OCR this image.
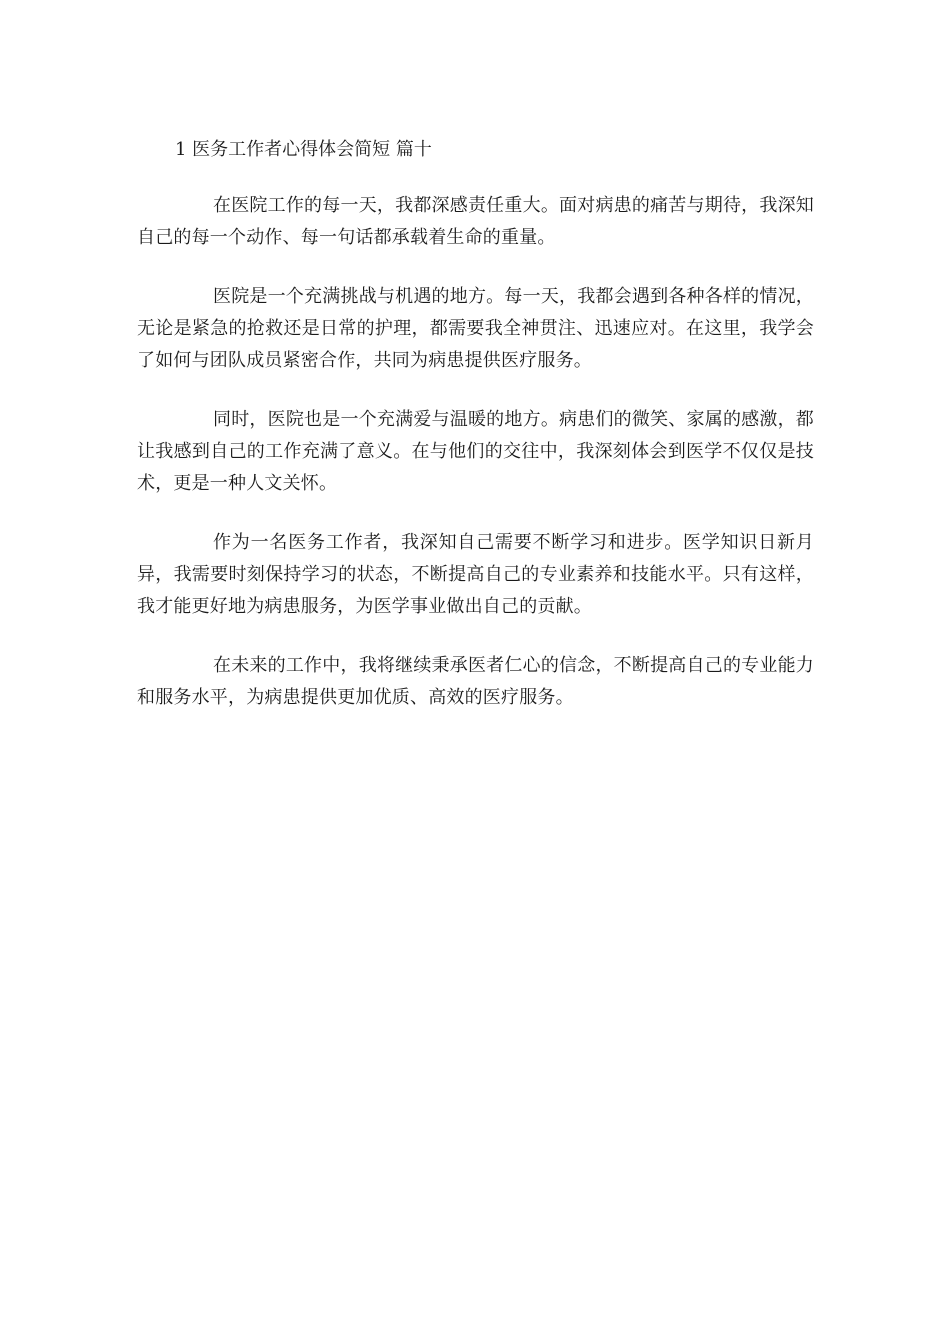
1 医务工作者心得体会简短 篇十

在医院工作的每一天，我都深感责任重大。面对病患的痛苦与期待，我深知自己的每一个动作、每一句话都承载着生命的重量。

医院是一个充满挑战与机遇的地方。每一天，我都会遇到各种各样的情况，无论是紧急的抢救还是日常的护理，都需要我全神贯注、迅速应对。在这里，我学会了如何与团队成员紧密合作，共同为病患提供医疗服务。

同时，医院也是一个充满爱与温暖的地方。病患们的微笑、家属的感激，都让我感到自己的工作充满了意义。在与他们的交往中，我深刻体会到医学不仅仅是技术，更是一种人文关怀。

作为一名医务工作者，我深知自己需要不断学习和进步。医学知识日新月异，我需要时刻保持学习的状态，不断提高自己的专业素养和技能水平。只有这样，我才能更好地为病患服务，为医学事业做出自己的贡献。

在未来的工作中，我将继续秉承医者仁心的信念，不断提高自己的专业能力和服务水平，为病患提供更加优质、高效的医疗服务。
